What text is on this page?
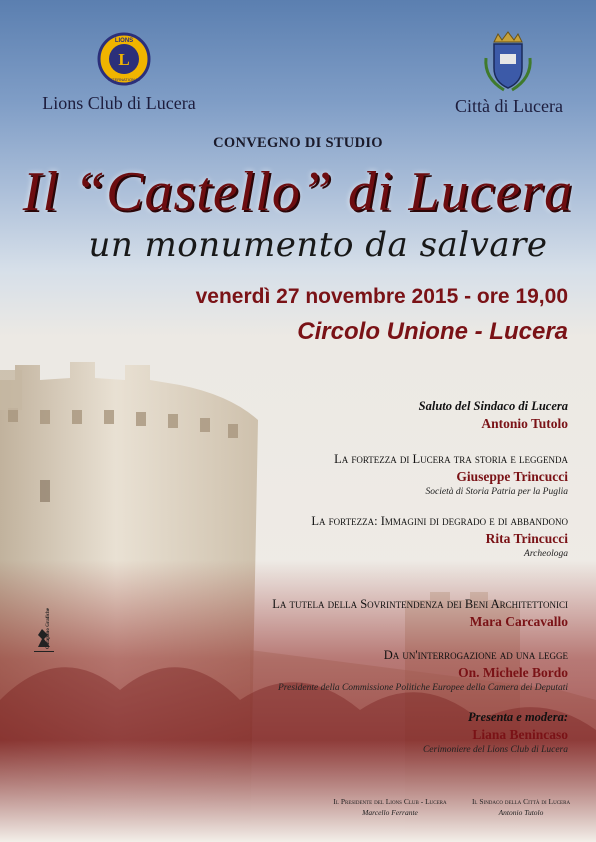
L
LIONS
INTERNATIONAL
Lions Club di Lucera	Città di Lucera
CONVEGNO DI STUDIO
Il “Castello” di Lucera
un monumento da salvare
venerdì 27 novembre 2015 - ore 19,00
Circolo Unione - Lucera
Saluto del Sindaco di Lucera
Antonio Tutolo
La fortezza di Lucera tra storia e leggenda
Giuseppe Trincucci
Società di Storia Patria per la Puglia
La fortezza: Immagini di degrado e di abbandono
Rita Trincucci
Archeologa
La tutela della Sovrintendenza dei Beni Architettonici
Mara Carcavallo
Da un'interrogazione ad una legge
On. Michele Bordo
Presidente della Commissione Politiche Europee della Camera dei Deputati
Presenta e modera:
Liana Benincaso
Cerimoniere del Lions Club di Lucera
Catapano Grafiche
Il Presidente del Lions Club - Lucera
Marcello Ferrante
Il Sindaco della Città di Lucera
Antonio Tutolo
